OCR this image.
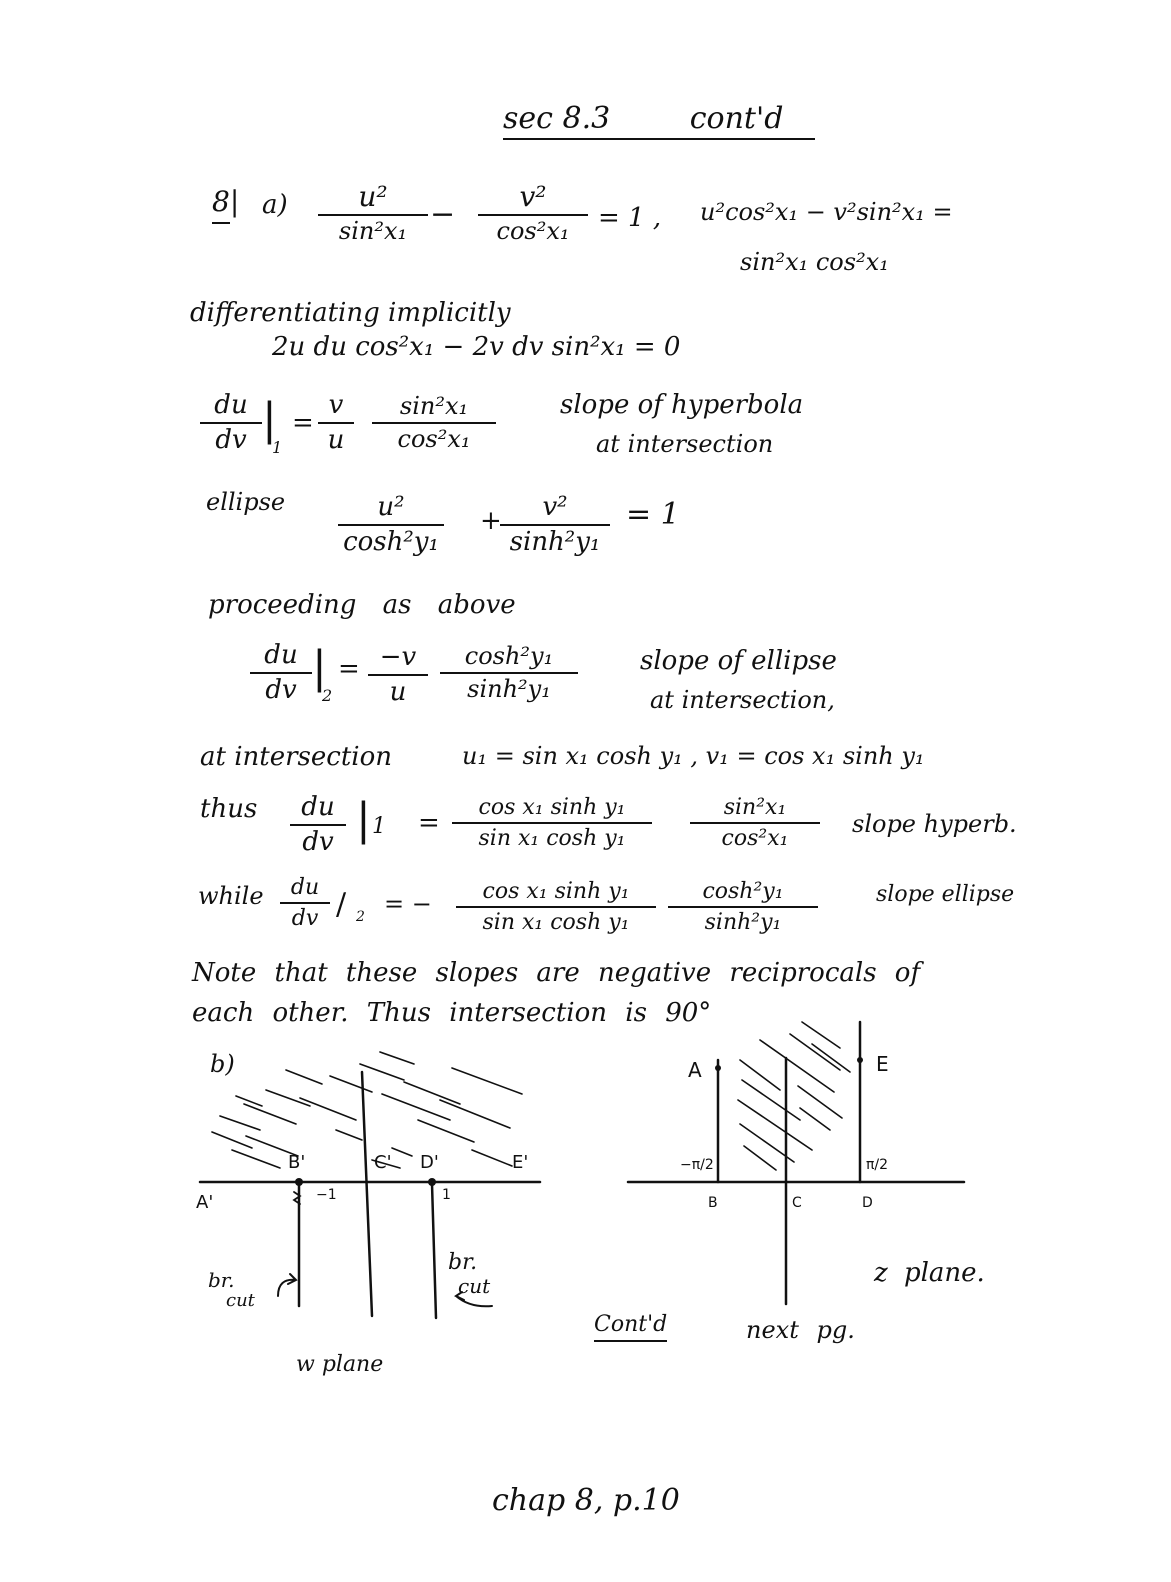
sec 8.3	cont'd
8| a)	u²
sin²x₁ −
v²
cos²x₁	= 1 , u²cos²x₁ − v²sin²x₁ =
sin²x₁ cos²x₁
differentiating implicitly
2u du cos²x₁ − 2v dv sin²x₁ = 0
du
dv |
1
=
v
u
sin²x₁
cos²x₁
slope of hyperbola
at intersection
ellipse	u²
cosh²y₁
+	v²
sinh²y₁
= 1
proceeding as above
du
dv |
2
= −v
u
cosh²y₁
sinh²y₁
slope of ellipse
at intersection,
at intersection	u₁ = sin x₁ cosh y₁ , v₁ = cos x₁ sinh y₁
thus	du
dv | 1 =
cos x₁ sinh y₁
sin x₁ cosh y₁
sin²x₁
cos²x₁
slope hyperb.
while	du
dv / 2 = −	cos x₁ sinh y₁
sin x₁ cosh y₁
cosh²y₁
sinh²y₁
slope ellipse
Note that these slopes are negative reciprocals of
each other. Thus intersection is 90°
b)
A'
B'	C' D'	E'
−1	1
br.
cut
br.
cut
w plane
A	E
−π/2	π/2
B	C	D
z plane.
Cont'd	next pg.
chap 8, p.10
